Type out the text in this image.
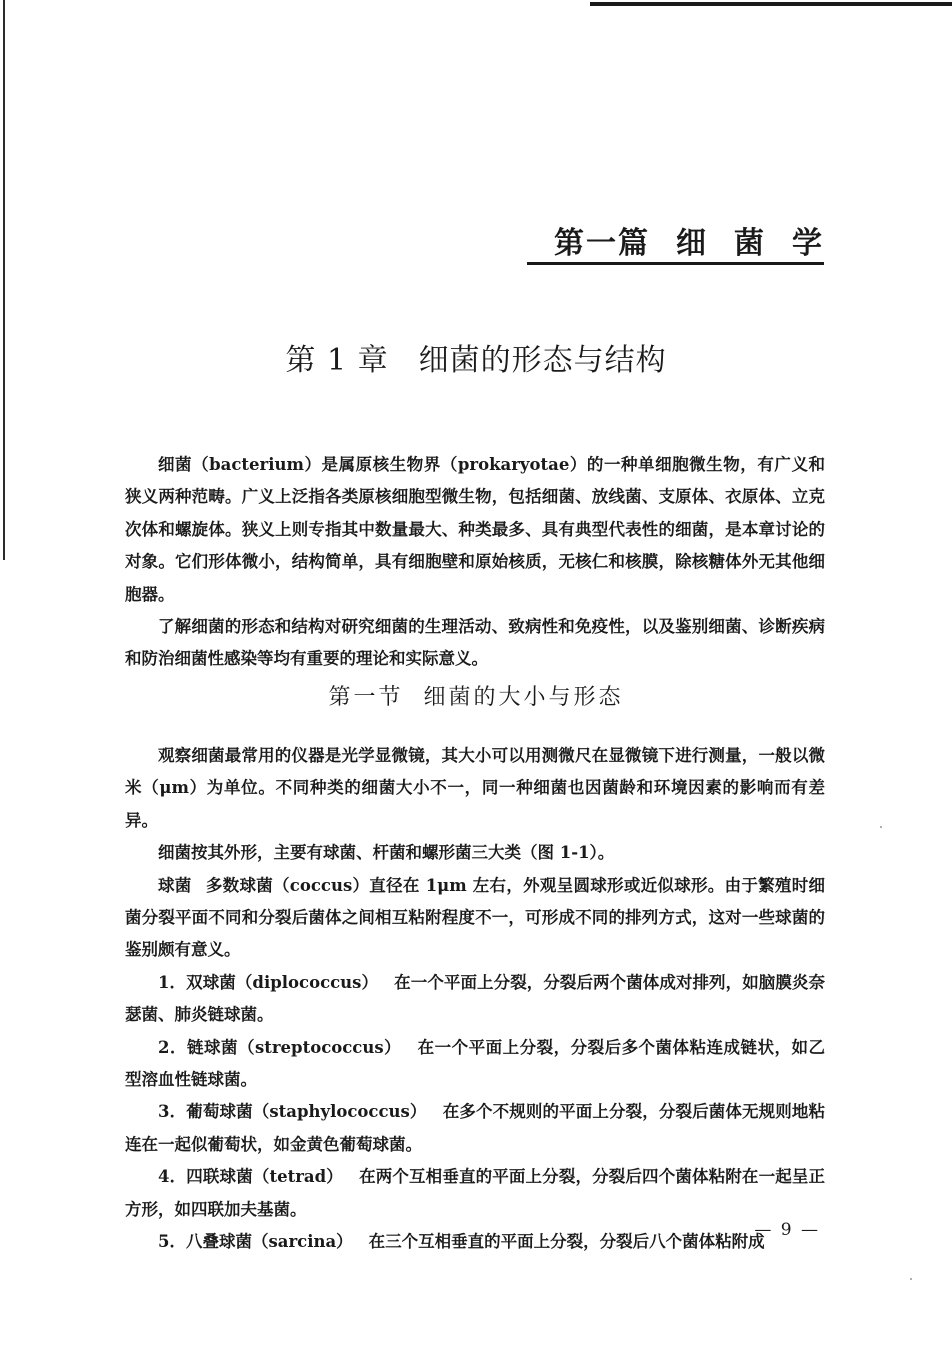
第一篇 细 菌 学
第 1 章 细菌的形态与结构

细菌（bacterium）是属原核生物界（prokaryotae）的一种单细胞微生物，有广义和狭义两种范畴。广义上泛指各类原核细胞型微生物，包括细菌、放线菌、支原体、衣原体、立克次体和螺旋体。狭义上则专指其中数量最大、种类最多、具有典型代表性的细菌，是本章讨论的对象。它们形体微小，结构简单，具有细胞壁和原始核质，无核仁和核膜，除核糖体外无其他细胞器。

了解细菌的形态和结构对研究细菌的生理活动、致病性和免疫性，以及鉴别细菌、诊断疾病和防治细菌性感染等均有重要的理论和实际意义。

第一节 细菌的大小与形态

观察细菌最常用的仪器是光学显微镜，其大小可以用测微尺在显微镜下进行测量，一般以微米（μm）为单位。不同种类的细菌大小不一，同一种细菌也因菌龄和环境因素的影响而有差异。

细菌按其外形，主要有球菌、杆菌和螺形菌三大类（图 1-1）。

球菌 多数球菌（coccus）直径在 1μm 左右，外观呈圆球形或近似球形。由于繁殖时细菌分裂平面不同和分裂后菌体之间相互粘附程度不一，可形成不同的排列方式，这对一些球菌的鉴别颇有意义。

1．双球菌（diplococcus） 在一个平面上分裂，分裂后两个菌体成对排列，如脑膜炎奈瑟菌、肺炎链球菌。

2．链球菌（streptococcus） 在一个平面上分裂，分裂后多个菌体粘连成链状，如乙型溶血性链球菌。

3．葡萄球菌（staphylococcus） 在多个不规则的平面上分裂，分裂后菌体无规则地粘连在一起似葡萄状，如金黄色葡萄球菌。

4．四联球菌（tetrad） 在两个互相垂直的平面上分裂，分裂后四个菌体粘附在一起呈正方形，如四联加夫基菌。

5．八叠球菌（sarcina） 在三个互相垂直的平面上分裂，分裂后八个菌体粘附成

— 9 —
